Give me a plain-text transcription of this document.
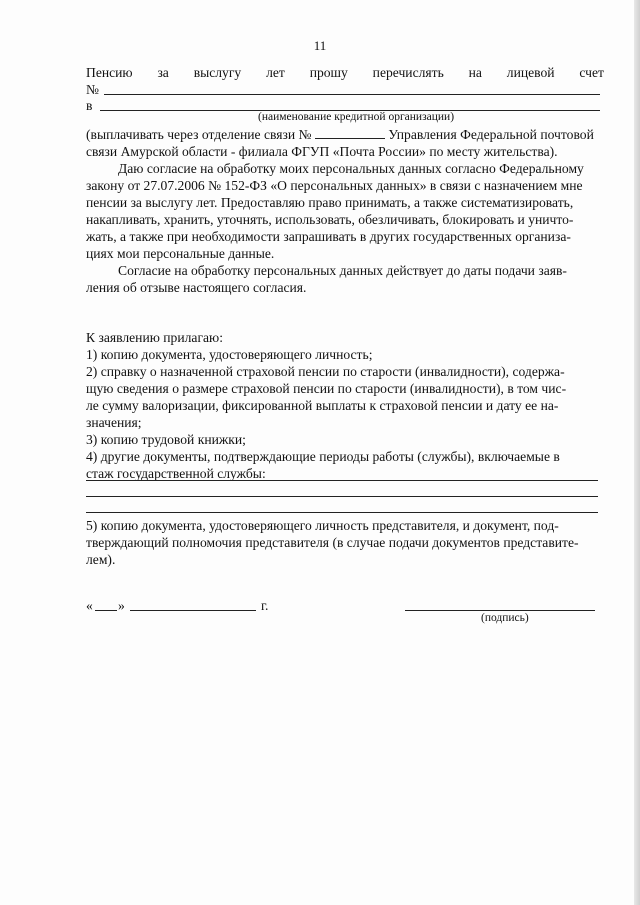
11
Пенсию за выслугу лет прошу перечислять на лицевой счет
№
в
(наименование кредитной организации)
(выплачивать через отделение связи №	Управления Федеральной почтовой
связи Амурской области - филиала ФГУП «Почта России» по месту жительства).
Даю согласие на обработку моих персональных данных согласно Федеральному
закону от 27.07.2006 № 152-ФЗ «О персональных данных» в связи с назначением мне
пенсии за выслугу лет. Предоставляю право принимать, а также систематизировать,
накапливать, хранить, уточнять, использовать, обезличивать, блокировать и уничто-
жать, а также при необходимости запрашивать в других государственных организа-
циях мои персональные данные.
Согласие на обработку персональных данных действует до даты подачи заяв-
ления об отзыве настоящего согласия.
К заявлению прилагаю:
1) копию документа, удостоверяющего личность;
2) справку о назначенной страховой пенсии по старости (инвалидности), содержа-
щую сведения о размере страховой пенсии по старости (инвалидности), в том чис-
ле сумму валоризации, фиксированной выплаты к страховой пенсии и дату ее на-
значения;
3) копию трудовой книжки;
4) другие документы, подтверждающие периоды работы (службы), включаемые в
стаж государственной службы:
5) копию документа, удостоверяющего личность представителя, и документ, под-
тверждающий полномочия представителя (в случае подачи документов представите-
лем).
« »	г.
(подпись)
